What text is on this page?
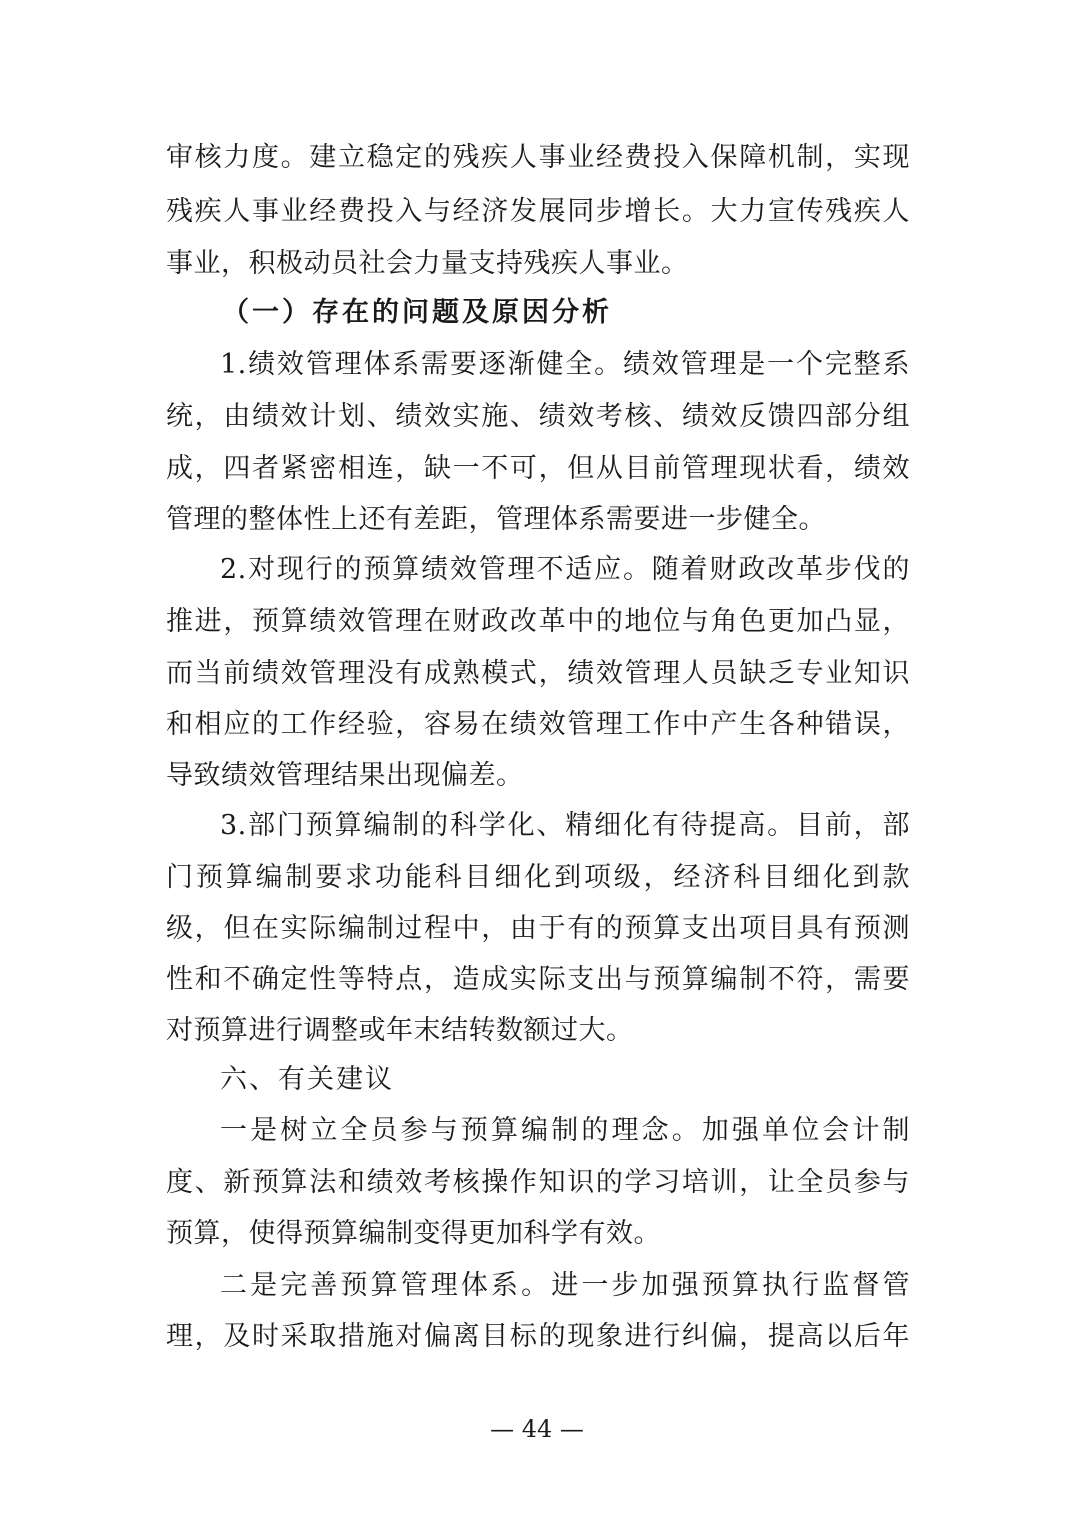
审核力度。建立稳定的残疾人事业经费投入保障机制，实现
残疾人事业经费投入与经济发展同步增长。大力宣传残疾人
事业，积极动员社会力量支持残疾人事业。
（一）存在的问题及原因分析
1.绩效管理体系需要逐渐健全。绩效管理是一个完整系
统，由绩效计划、绩效实施、绩效考核、绩效反馈四部分组
成，四者紧密相连，缺一不可，但从目前管理现状看，绩效
管理的整体性上还有差距，管理体系需要进一步健全。
2.对现行的预算绩效管理不适应。随着财政改革步伐的
推进，预算绩效管理在财政改革中的地位与角色更加凸显，
而当前绩效管理没有成熟模式，绩效管理人员缺乏专业知识
和相应的工作经验，容易在绩效管理工作中产生各种错误，
导致绩效管理结果出现偏差。
3.部门预算编制的科学化、精细化有待提高。目前，部
门预算编制要求功能科目细化到项级，经济科目细化到款
级，但在实际编制过程中，由于有的预算支出项目具有预测
性和不确定性等特点，造成实际支出与预算编制不符，需要
对预算进行调整或年末结转数额过大。
六、有关建议
一是树立全员参与预算编制的理念。加强单位会计制
度、新预算法和绩效考核操作知识的学习培训，让全员参与
预算，使得预算编制变得更加科学有效。
二是完善预算管理体系。进一步加强预算执行监督管
理，及时采取措施对偏离目标的现象进行纠偏，提高以后年
— 44 —
